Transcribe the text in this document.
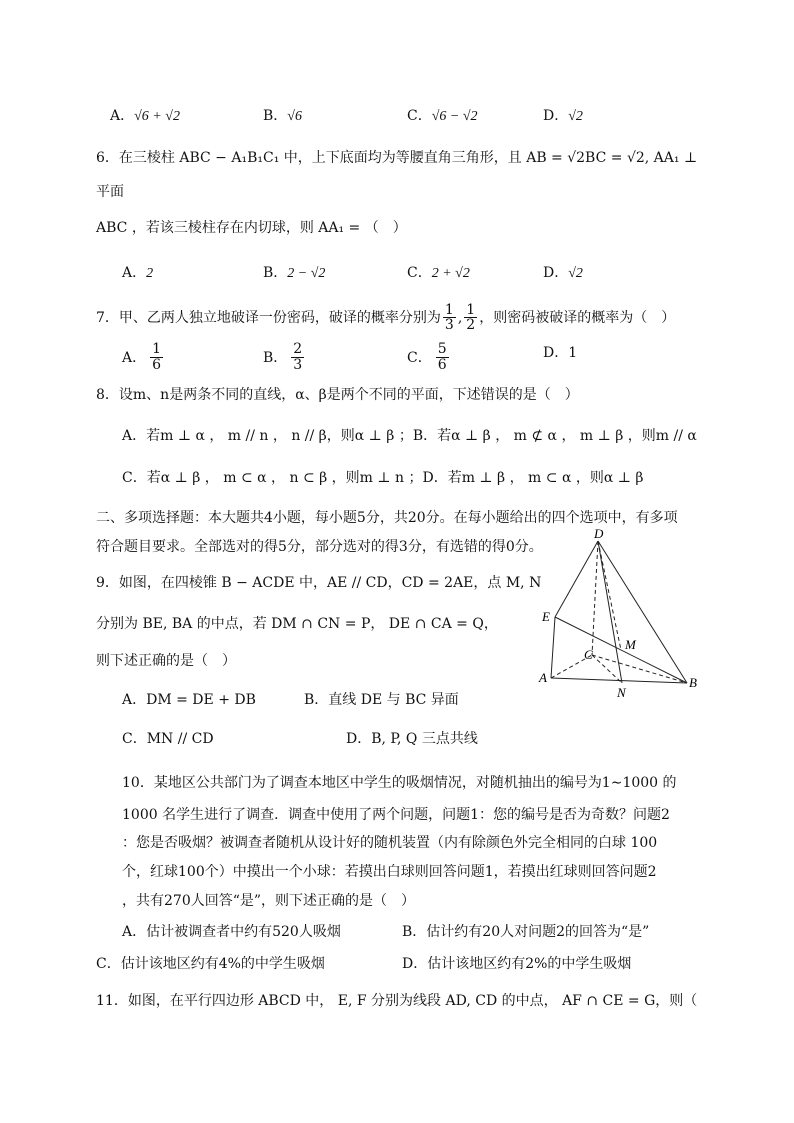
A．√6 + √2	B．√6	C．√6 − √2	D．√2
6．在三棱柱 ABC − A₁B₁C₁ 中，上下底面均为等腰直角三角形，且 AB = √2BC = √2, AA₁ ⊥
平面
ABC ，若该三棱柱存在内切球，则 AA₁ = （　）
A．2	B．2 − √2	C．2 + √2	D．√2
7．甲、乙两人独立地破译一份密码，破译的概率分别为 1
3 , 1
2 ，则密码被破译的概率为（　）
A．
1
6	B．
2
3	C．
5
6
D．1
8．设m、n是两条不同的直线，α、β是两个不同的平面，下述错误的是（　）
A．若m ⊥ α ， m // n ， n // β，则α ⊥ β ；B．若α ⊥ β ， m ⊄ α ， m ⊥ β ，则m // α
C．若α ⊥ β ， m ⊂ α ， n ⊂ β ，则m ⊥ n ；D．若m ⊥ β ， m ⊂ α ，则α ⊥ β
二、多项选择题：本大题共4小题，每小题5分，共20分。在每小题给出的四个选项中，有多项
符合题目要求。全部选对的得5分，部分选对的得3分，有选错的得0分。
9．如图，在四棱锥 B − ACDE 中，AE // CD，CD = 2AE，点 M, N
分别为 BE, BA 的中点，若 DM ∩ CN = P， DE ∩ CA = Q，
则下述正确的是（　）
A．DM = DE + DB	B．直线 DE 与 BC 异面
C．MN // CD	D．B, P, Q 三点共线
D
E
M
C
A
N
B
10．某地区公共部门为了调查本地区中学生的吸烟情况，对随机抽出的编号为1∼1000 的
1000 名学生进行了调查．调查中使用了两个问题，问题1：您的编号是否为奇数？问题2
：您是否吸烟？被调查者随机从设计好的随机装置（内有除颜色外完全相同的白球 100
个，红球100个）中摸出一个小球：若摸出白球则回答问题1，若摸出红球则回答问题2
，共有270人回答“是”，则下述正确的是（　）
A．估计被调查者中约有520人吸烟	B．估计约有20人对问题2的回答为“是”
C．估计该地区约有4%的中学生吸烟	D．估计该地区约有2%的中学生吸烟
11．如图，在平行四边形 ABCD 中， E, F 分别为线段 AD, CD 的中点， AF ∩ CE = G，则（
